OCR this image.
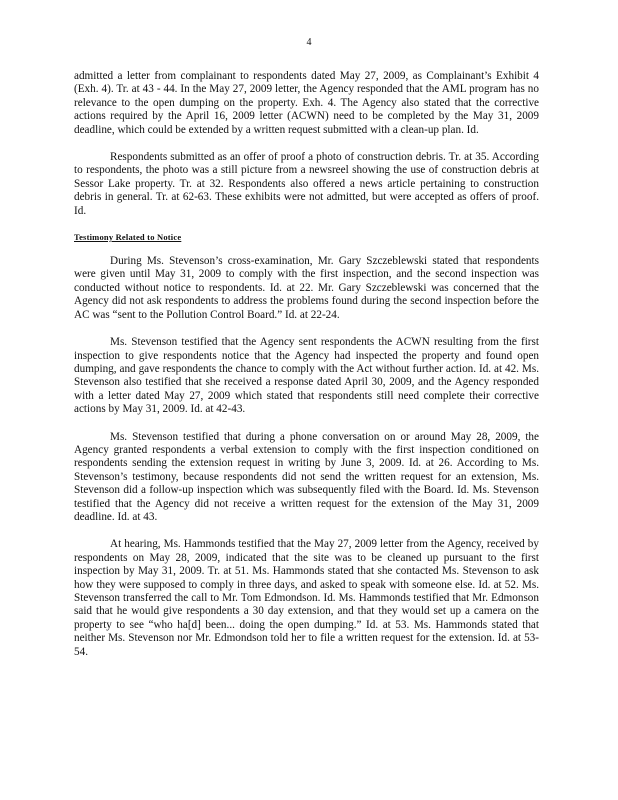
4

admitted a letter from complainant to respondents dated May 27, 2009, as Complainant’s Exhibit 4 (Exh. 4). Tr. at 43 - 44. In the May 27, 2009 letter, the Agency responded that the AML program has no relevance to the open dumping on the property. Exh. 4. The Agency also stated that the corrective actions required by the April 16, 2009 letter (ACWN) need to be completed by the May 31, 2009 deadline, which could be extended by a written request submitted with a clean-up plan. Id.

Respondents submitted as an offer of proof a photo of construction debris. Tr. at 35. According to respondents, the photo was a still picture from a newsreel showing the use of construction debris at Sessor Lake property. Tr. at 32. Respondents also offered a news article pertaining to construction debris in general. Tr. at 62-63. These exhibits were not admitted, but were accepted as offers of proof. Id.

Testimony Related to Notice

During Ms. Stevenson’s cross-examination, Mr. Gary Szczeblewski stated that respondents were given until May 31, 2009 to comply with the first inspection, and the second inspection was conducted without notice to respondents. Id. at 22. Mr. Gary Szczeblewski was concerned that the Agency did not ask respondents to address the problems found during the second inspection before the AC was “sent to the Pollution Control Board.” Id. at 22-24.

Ms. Stevenson testified that the Agency sent respondents the ACWN resulting from the first inspection to give respondents notice that the Agency had inspected the property and found open dumping, and gave respondents the chance to comply with the Act without further action. Id. at 42. Ms. Stevenson also testified that she received a response dated April 30, 2009, and the Agency responded with a letter dated May 27, 2009 which stated that respondents still need complete their corrective actions by May 31, 2009. Id. at 42-43.

Ms. Stevenson testified that during a phone conversation on or around May 28, 2009, the Agency granted respondents a verbal extension to comply with the first inspection conditioned on respondents sending the extension request in writing by June 3, 2009. Id. at 26. According to Ms. Stevenson’s testimony, because respondents did not send the written request for an extension, Ms. Stevenson did a follow-up inspection which was subsequently filed with the Board. Id. Ms. Stevenson testified that the Agency did not receive a written request for the extension of the May 31, 2009 deadline. Id. at 43.

At hearing, Ms. Hammonds testified that the May 27, 2009 letter from the Agency, received by respondents on May 28, 2009, indicated that the site was to be cleaned up pursuant to the first inspection by May 31, 2009. Tr. at 51. Ms. Hammonds stated that she contacted Ms. Stevenson to ask how they were supposed to comply in three days, and asked to speak with someone else. Id. at 52. Ms. Stevenson transferred the call to Mr. Tom Edmondson. Id. Ms. Hammonds testified that Mr. Edmonson said that he would give respondents a 30 day extension, and that they would set up a camera on the property to see “who ha[d] been... doing the open dumping.” Id. at 53. Ms. Hammonds stated that neither Ms. Stevenson nor Mr. Edmondson told her to file a written request for the extension. Id. at 53-54.
